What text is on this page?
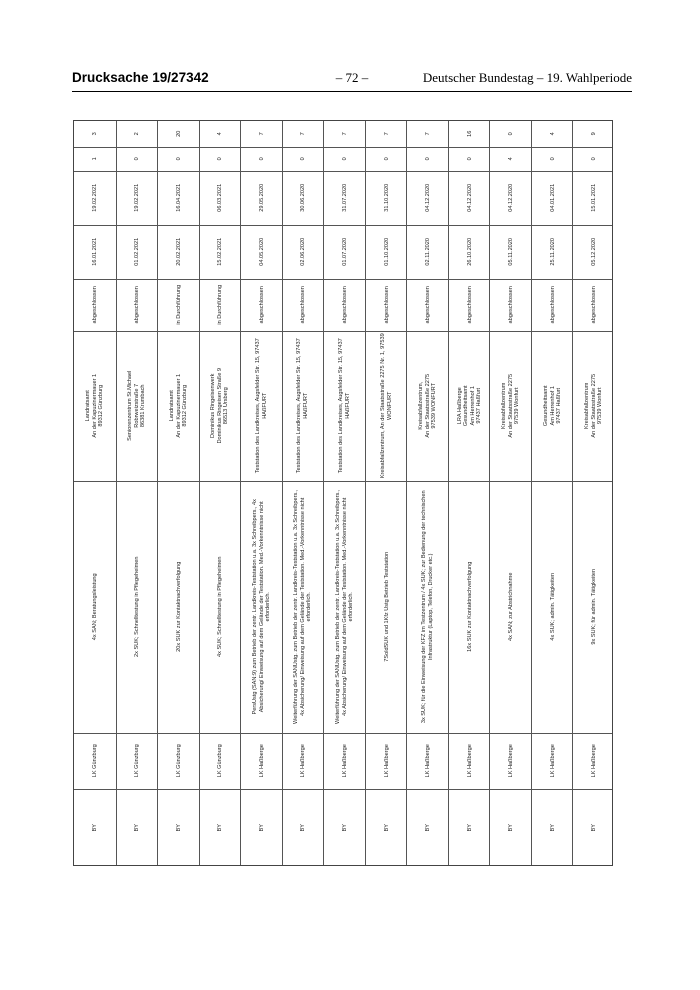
Drucksache 19/27342	– 72 –	Deutscher Bundestag – 19. Wahlperiode
BY
LK Günzburg
4x SAN; Beratungsleistung
Landratsamt
An der Kapuzinermauer 1
89312 Günzburg
abgeschlossen
16.01.2021
19.02.2021
1
3
BY
LK Günzburg
2x SUK; Schnelltestung in Pflegeheimen
Seniorenzentrum St.Michael
Robrweizstraße 7
86381 Krumbach
abgeschlossen
01.02.2021
19.02.2021
0
2
BY
LK Günzburg
20x SUK zur Kontaktnachverfolgung
Landratsamt
An der Kapuzinermauer 1
89312 Günzburg
in Durchführung
20.02.2021
16.04.2021
0
20
BY
LK Günzburg
4x SUK; Schnelltestung in Pflegeheimen
Dominikus Ringeisenwerk
Dominikus Ringeisen Straße 9
86513 Ursberg
in Durchführung
15.02.2021
06.03.2021
0
4
BY
LK Haßberge
PersUstg (SAN:9) zum Betrieb der zentr. Landkreis-Teststation u.a. 3x Schreibpers., 4x
Absicherung/ Einweisung auf dem Gelände der Teststation. Med.-Vorkenntnisse nicht
erforderlich.
Teststation des Landkreises, Augsfelder Str. 15, 97437
HAßFURT
abgeschlossen
04.05.2020
29.05.2020
0
7
BY
LK Haßberge
Weiterführung der SANUstg. zum Betrieb der zentr. Landkreis-Teststation u.a. 3x Schreibpers.,
4x Absicherung/ Einweisung auf dem Gelände der Teststation. Med.-Vorkenntnisse nicht
erforderlich.
Teststation des Landkreises, Augsfelder Str. 15, 97437
HAßFURT
abgeschlossen
02.06.2020
30.06.2020
0
7
BY
LK Haßberge
Weiterführung der SANUstg. zum Betrieb der zentr. Landkreis-Teststation u.a. 3x Schreibpers.,
4x Absicherung/ Einweisung auf dem Gelände der Teststation. Med.-Vorkenntnisse nicht
erforderlich.
Teststation des Landkreises, Augsfelder Str. 15, 97437
HAßFURT
abgeschlossen
01.07.2020
31.07.2020
0
7
BY
LK Haßberge
7SoldSUK und 1Kfz Ustg Betrieb Teststation
Kreisabfallzentrum, An der Staatsstraße 2275 Nr. 1, 97539
WONFURT
abgeschlossen
01.10.2020
31.10.2020
0
7
BY
LK Haßberge
3x SUK; für die Einweisung der KFZ im Testzentrum / 4x SUK; zur Bedienung der technischen
Infrastruktur (Laptop, Telefon, Drucker etc.)
Kreisabfallzentrum,
An der Staatsstraße 2275
97539 WONFURT
abgeschlossen
02.11.2020
04.12.2020
0
7
BY
LK Haßberge
16x SUK zur Kontaktnachverfolgung
LRA Haßberge
Gesundheitsamt
Am Herrenhof 1
97437 Haßfurt
abgeschlossen
26.10.2020
04.12.2020
0
16
BY
LK Haßberge
4x SAN; zur Abstrichnahme
Kreisabfallzentrum
An der Staatsstraße 2275
97539 Wonfurt
abgeschlossen
05.11.2020
04.12.2020
4
0
BY
LK Haßberge
4x SUK; admin. Tätigkeiten
Gesundheitsamt
Am Herrenhof 1
97437 Haßfurt
abgeschlossen
25.11.2020
04.01.2021
0
4
BY
LK Haßberge
9x SUK; für admin. Tätigkeiten
Kreisabfallzentrum
An der Staatsstraße 2275
97539 Wonfurt
abgeschlossen
05.12.2020
15.01.2021
0
9
